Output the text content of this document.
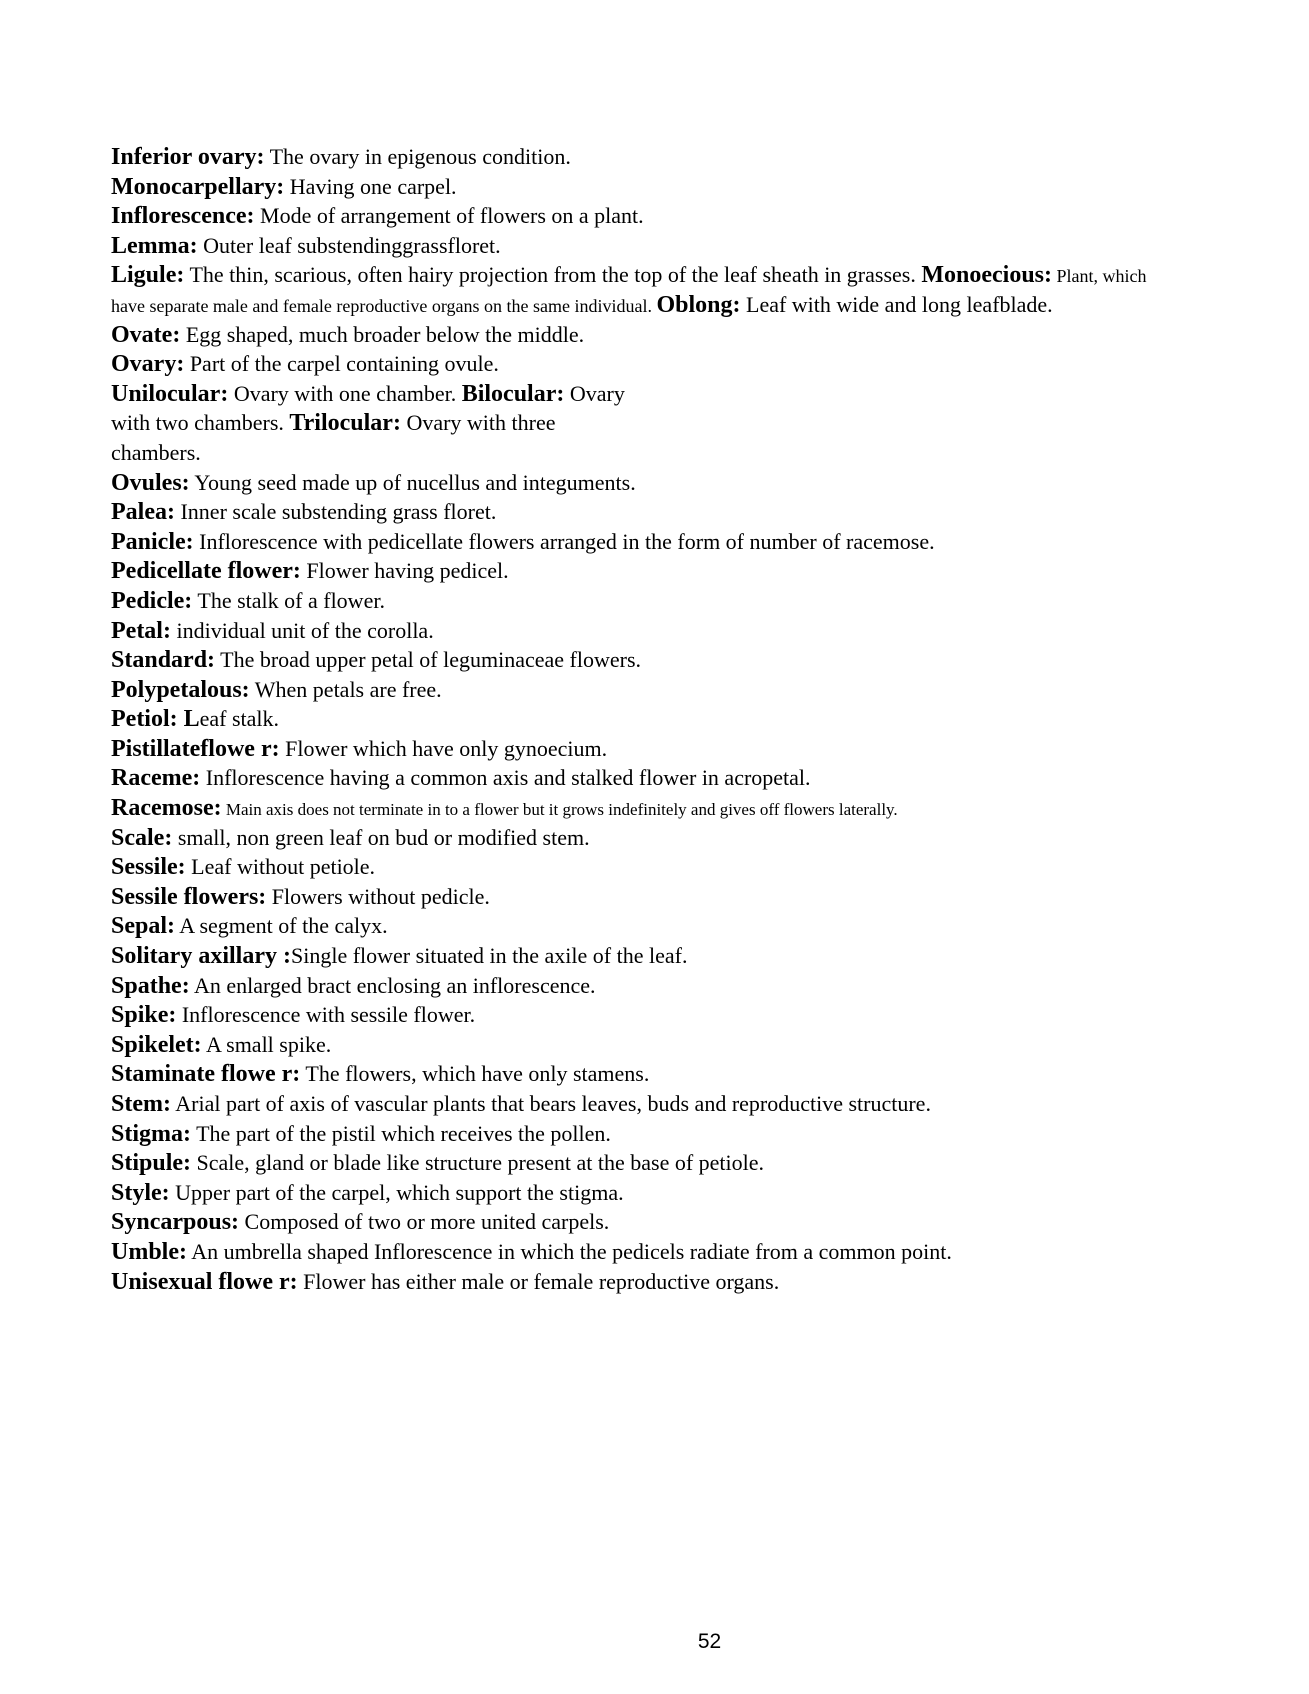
Inferior ovary: The ovary in epigenous condition.
Monocarpellary: Having one carpel.
Inflorescence: Mode of arrangement of flowers on a plant.
Lemma: Outer leaf substendinggrassfloret.
Ligule: The thin, scarious, often hairy projection from the top of the leaf sheath in grasses. Monoecious: Plant, which
have separate male and female reproductive organs on the same individual. Oblong: Leaf with wide and long leafblade.
Ovate: Egg shaped, much broader below the middle.
Ovary: Part of the carpel containing ovule.
Unilocular: Ovary with one chamber. Bilocular: Ovary
with two chambers. Trilocular: Ovary with three
chambers.
Ovules: Young seed made up of nucellus and integuments.
Palea: Inner scale substending grass floret.
Panicle: Inflorescence with pedicellate flowers arranged in the form of number of racemose.
Pedicellate flower: Flower having pedicel.
Pedicle: The stalk of a flower.
Petal: individual unit of the corolla.
Standard: The broad upper petal of leguminaceae flowers.
Polypetalous: When petals are free.
Petiol: Leaf stalk.
Pistillateflowe r: Flower which have only gynoecium.
Raceme: Inflorescence having a common axis and stalked flower in acropetal.
Racemose: Main axis does not terminate in to a flower but it grows indefinitely and gives off flowers laterally.
Scale: small, non green leaf on bud or modified stem.
Sessile: Leaf without petiole.
Sessile flowers: Flowers without pedicle.
Sepal: A segment of the calyx.
Solitary axillary :Single flower situated in the axile of the leaf.
Spathe: An enlarged bract enclosing an inflorescence.
Spike: Inflorescence with sessile flower.
Spikelet: A small spike.
Staminate flowe r: The flowers, which have only stamens.
Stem: Arial part of axis of vascular plants that bears leaves, buds and reproductive structure.
Stigma: The part of the pistil which receives the pollen.
Stipule: Scale, gland or blade like structure present at the base of petiole.
Style: Upper part of the carpel, which support the stigma.
Syncarpous: Composed of two or more united carpels.
Umble: An umbrella shaped Inflorescence in which the pedicels radiate from a common point.
Unisexual flowe r: Flower has either male or female reproductive organs.
52
